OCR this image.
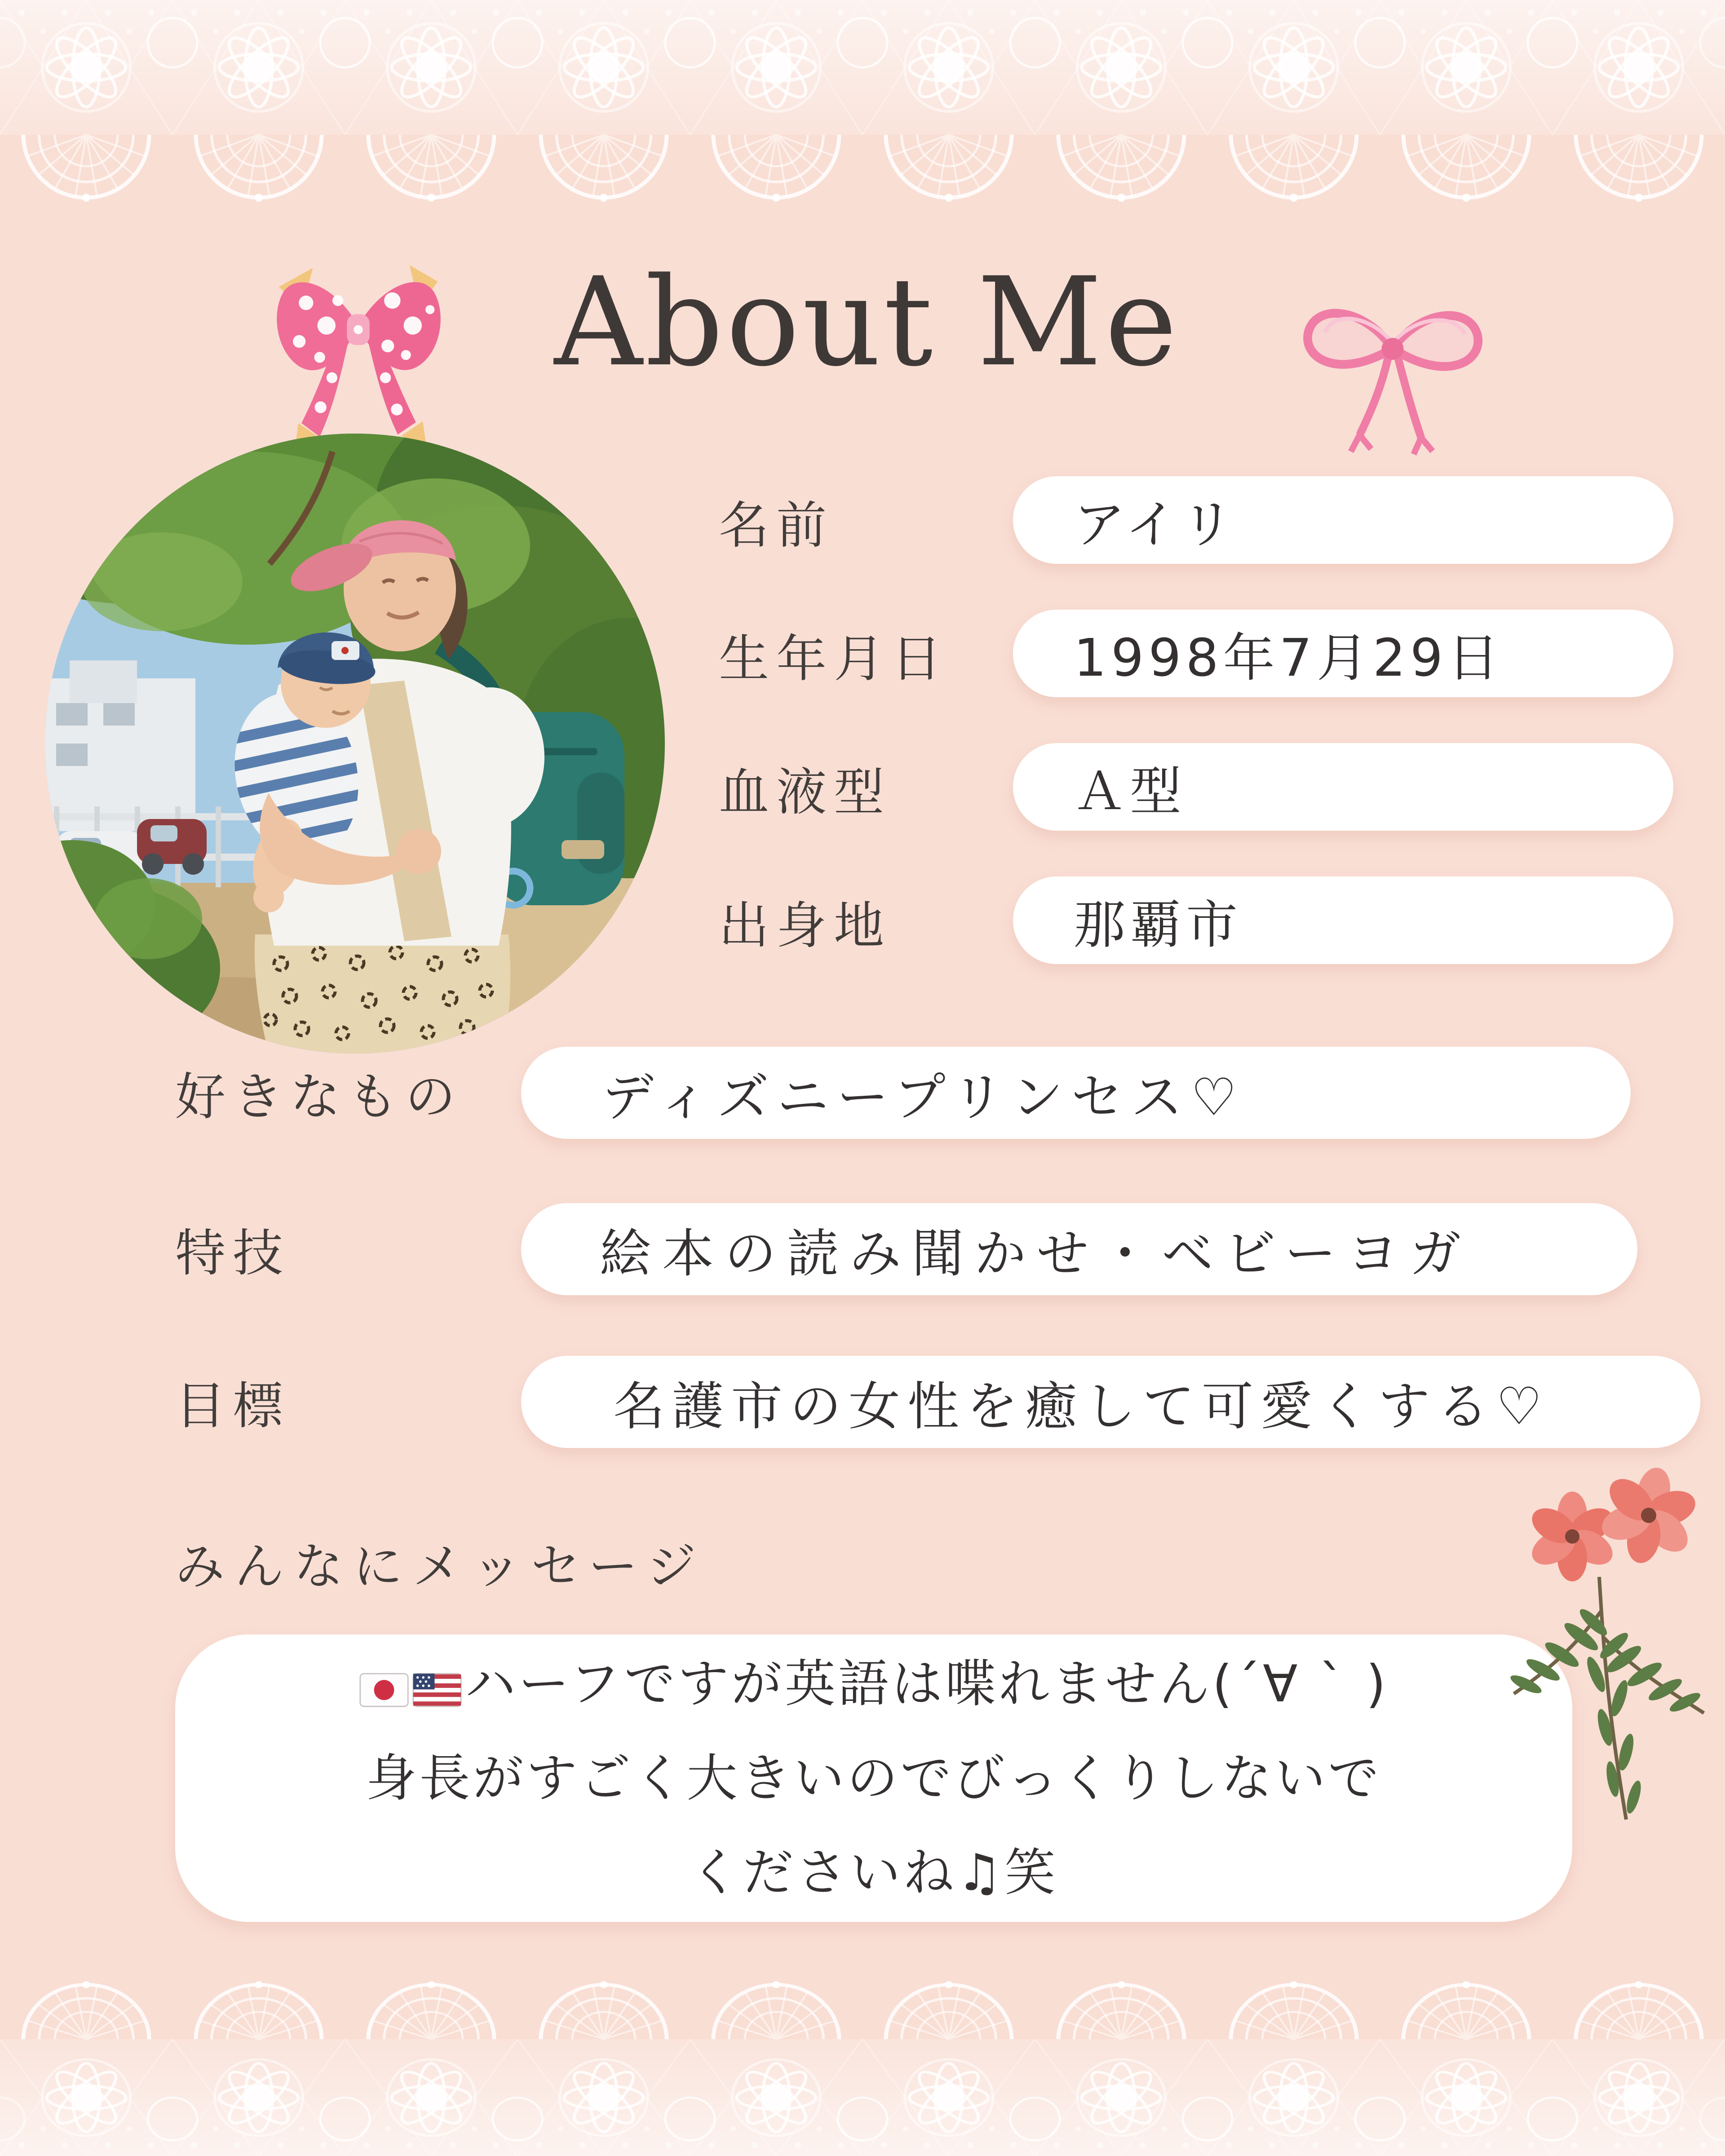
About Me
名前	アイリ
生年月日 1998年7月29日
血液型	Ａ型
出身地	那覇市
好きなもの	ディズニープリンセス♡
特技	絵本の読み聞かせ・ベビーヨガ
目標	名護市の女性を癒して可愛くする♡
みんなにメッセージ
ハーフですが英語は喋れません(´∀ ` )
身長がすごく大きいのでびっくりしないで
くださいね♫笑
